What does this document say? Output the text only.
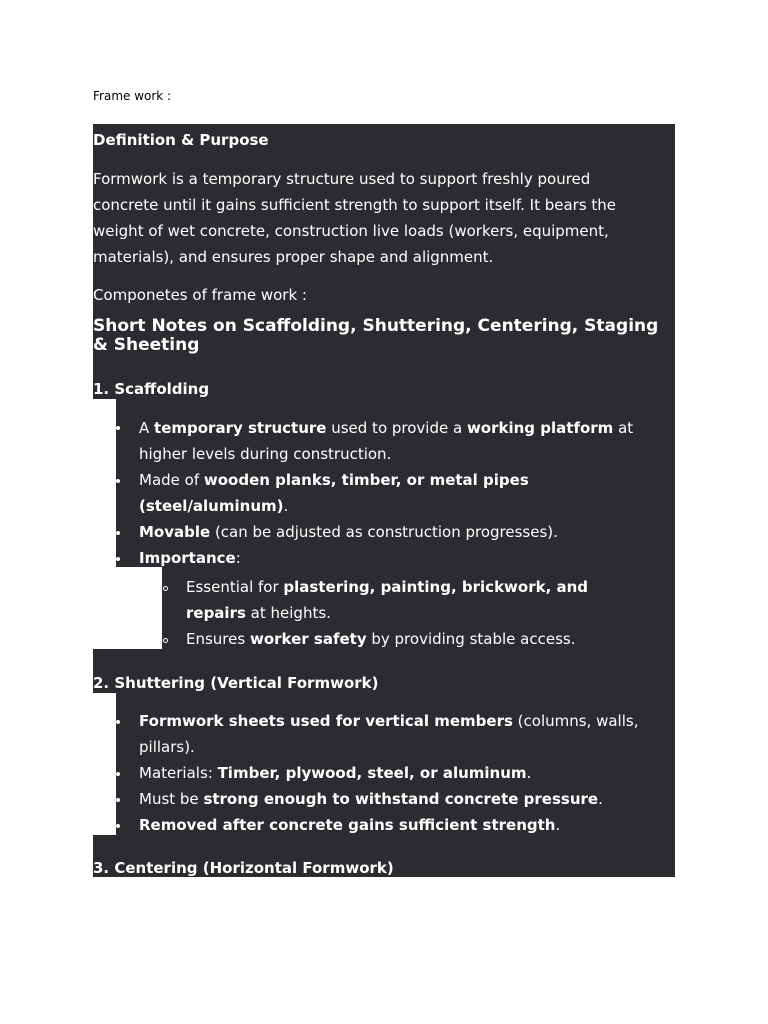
Frame work :
Definition & Purpose
Formwork is a temporary structure used to support freshly poured
concrete until it gains sufficient strength to support itself. It bears the
weight of wet concrete, construction live loads (workers, equipment,
materials), and ensures proper shape and alignment.
Componetes of frame work :
Short Notes on Scaffolding, Shuttering, Centering, Staging
& Sheeting
1. Scaffolding
A temporary structure used to provide a working platform at
higher levels during construction.
Made of wooden planks, timber, or metal pipes
(steel/aluminum).
Movable (can be adjusted as construction progresses).
Importance:
Essential for plastering, painting, brickwork, and
repairs at heights.
Ensures worker safety by providing stable access.
2. Shuttering (Vertical Formwork)
Formwork sheets used for vertical members (columns, walls,
pillars).
Materials: Timber, plywood, steel, or aluminum.
Must be strong enough to withstand concrete pressure.
Removed after concrete gains sufficient strength.
3. Centering (Horizontal Formwork)
